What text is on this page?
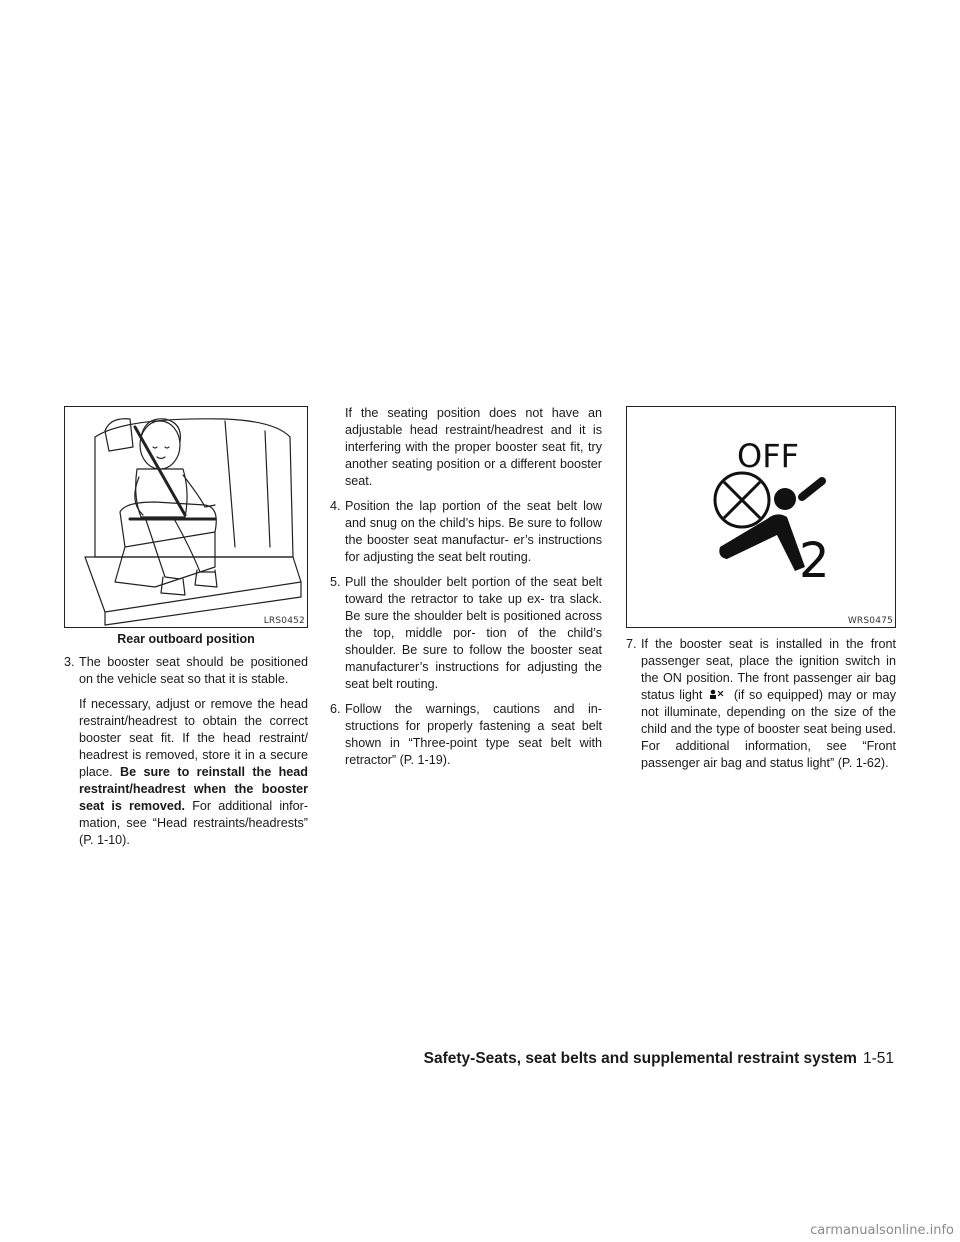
LRS0452
Rear outboard position
3. The booster seat should be positioned on the vehicle seat so that it is stable.
If necessary, adjust or remove the head restraint/headrest to obtain the correct booster seat fit. If the head restraint/ headrest is removed, store it in a secure place. Be sure to reinstall the head restraint/headrest when the booster seat is removed. For additional infor- mation, see “Head restraints/headrests” (P. 1-10).
If the seating position does not have an adjustable head restraint/headrest and it is interfering with the proper booster seat fit, try another seating position or a different booster seat.
4. Position the lap portion of the seat belt low and snug on the child’s hips. Be sure to follow the booster seat manufactur- er’s instructions for adjusting the seat belt routing.
5. Pull the shoulder belt portion of the seat belt toward the retractor to take up ex- tra slack. Be sure the shoulder belt is positioned across the top, middle por- tion of the child’s shoulder. Be sure to follow the booster seat manufacturer’s instructions for adjusting the seat belt routing.
6. Follow the warnings, cautions and in- structions for properly fastening a seat belt shown in “Three-point type seat belt with retractor” (P. 1-19).
OFF
2
WRS0475
7. If the booster seat is installed in the front passenger seat, place the ignition switch in the ON position. The front passenger air bag status light  (if so equipped) may or may not illuminate, depending on the size of the child and the type of booster seat being used. For additional information, see “Front passenger air bag and status light” (P. 1-62).
Safety-Seats, seat belts and supplemental restraint system 1-51
carmanualsonline.info
